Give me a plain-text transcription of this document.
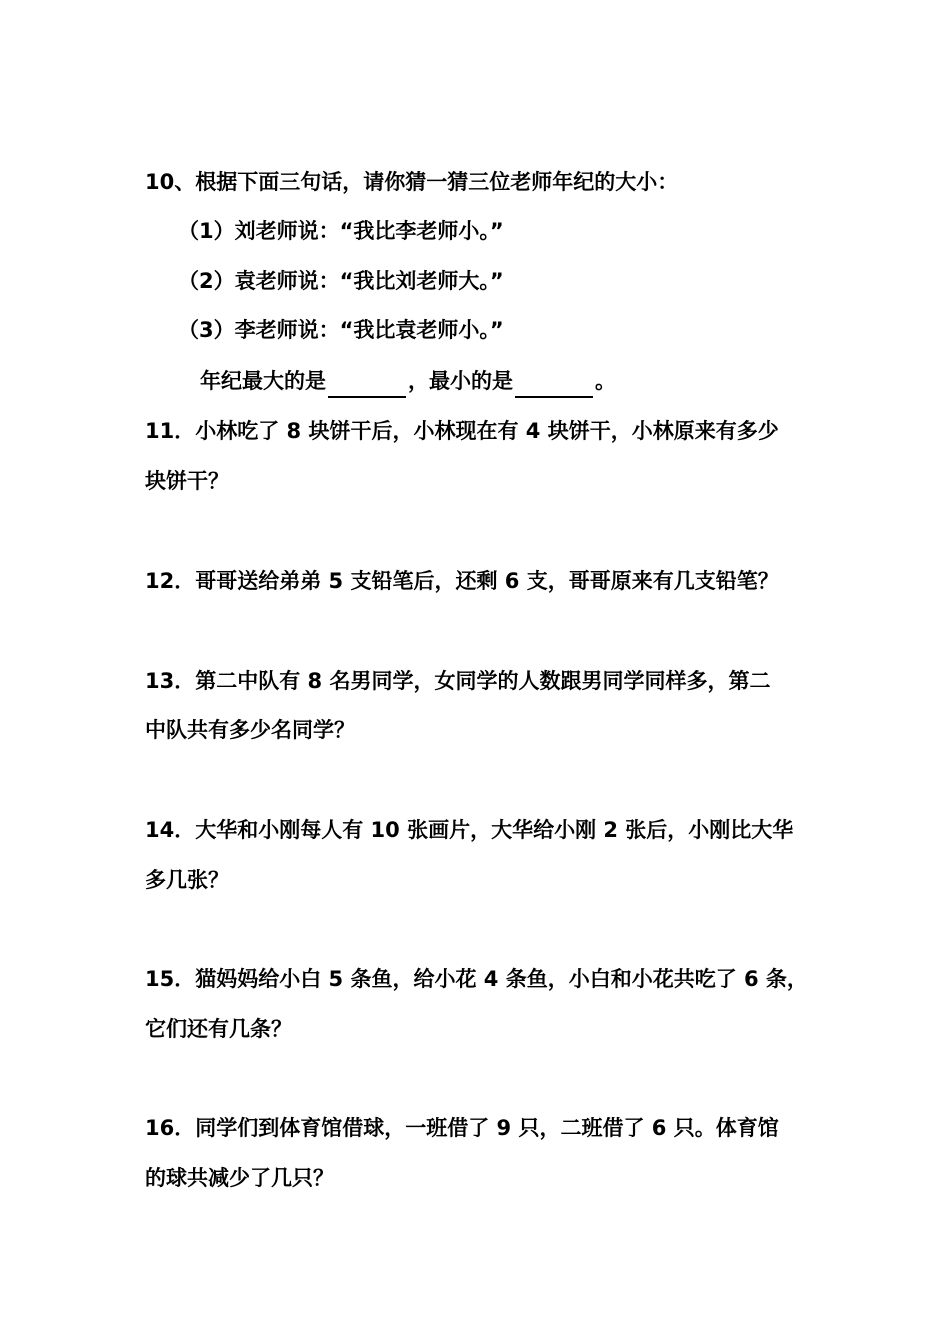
10、根据下面三句话，请你猜一猜三位老师年纪的大小：
（1）刘老师说：“我比李老师小。”
（2）袁老师说：“我比刘老师大。”
（3）李老师说：“我比袁老师小。”
年纪最大的是	，最小的是	。
11．小林吃了 8 块饼干后，小林现在有 4 块饼干，小林原来有多少
块饼干？
12．哥哥送给弟弟 5 支铅笔后，还剩 6 支，哥哥原来有几支铅笔？
13．第二中队有 8 名男同学，女同学的人数跟男同学同样多，第二
中队共有多少名同学？
14．大华和小刚每人有 10 张画片，大华给小刚 2 张后，小刚比大华
多几张？
15．猫妈妈给小白 5 条鱼，给小花 4 条鱼，小白和小花共吃了 6 条，
它们还有几条？
16．同学们到体育馆借球，一班借了 9 只，二班借了 6 只。体育馆
的球共减少了几只？
